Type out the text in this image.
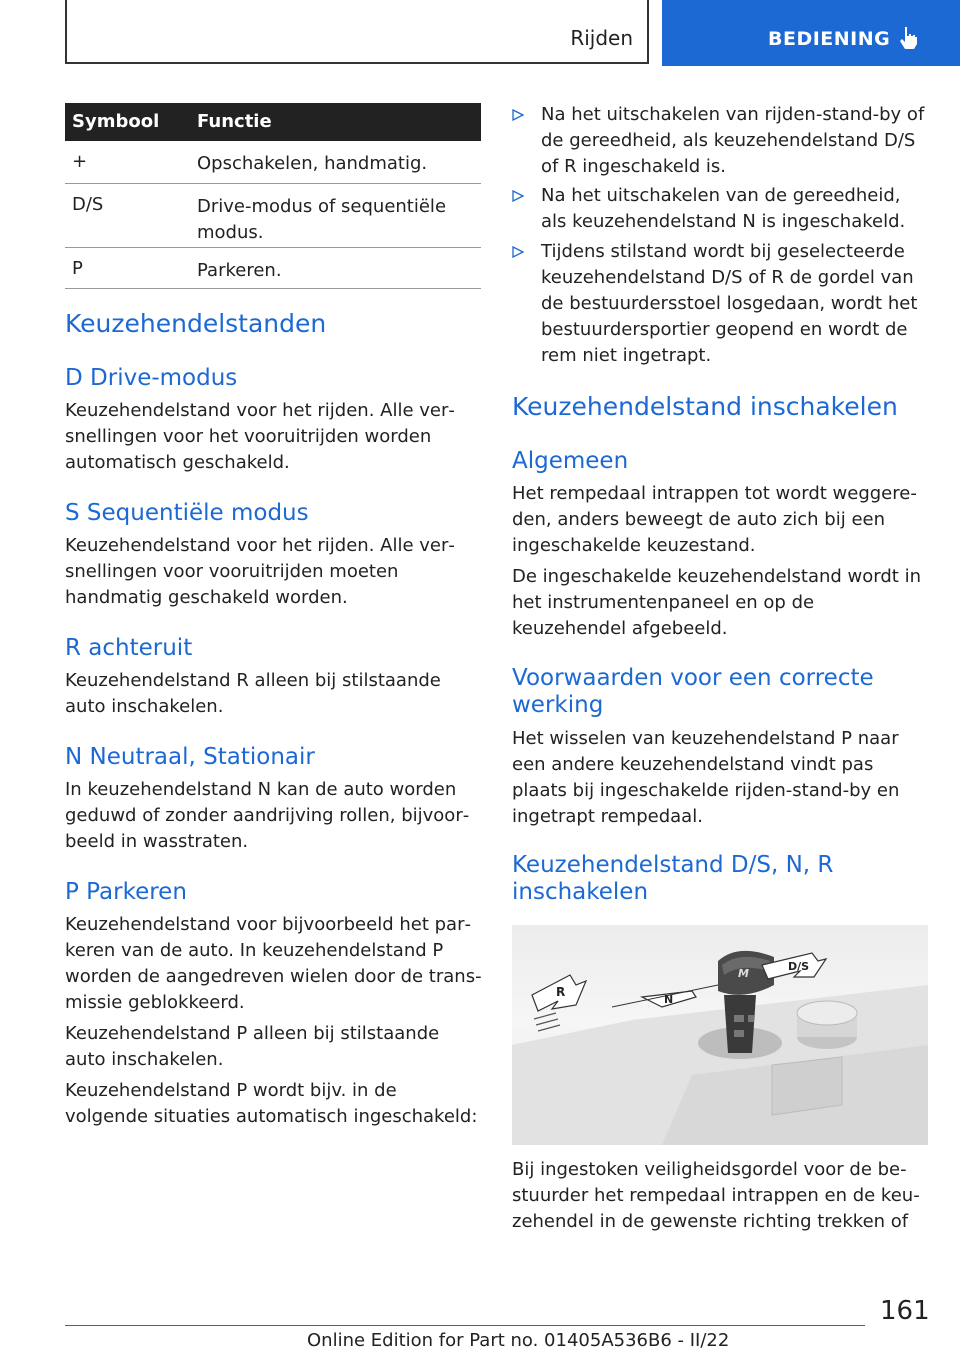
Rijden	BEDIENING
Symbool Functie
+	Opschakelen, handmatig.
D/S	Drive-modus of sequentiële modus.
P	Parkeren.
Keuzehendelstanden
D Drive-modus
Keuzehendelstand voor het rijden. Alle versnellingen voor het vooruitrijden worden automatisch geschakeld.
S Sequentiële modus
Keuzehendelstand voor het rijden. Alle versnellingen voor vooruitrijden moeten handmatig geschakeld worden.
R achteruit
Keuzehendelstand R alleen bij stilstaande auto inschakelen.
N Neutraal, Stationair
In keuzehendelstand N kan de auto worden geduwd of zonder aandrijving rollen, bijvoorbeeld in wasstraten.
P Parkeren
Keuzehendelstand voor bijvoorbeeld het parkeren van de auto. In keuzehendelstand P worden de aangedreven wielen door de transmissie geblokkeerd.
Keuzehendelstand P alleen bij stilstaande auto inschakelen.
Keuzehendelstand P wordt bijv. in de volgende situaties automatisch ingeschakeld:
Na het uitschakelen van rijden-stand-by of de gereedheid, als keuzehendelstand D/S of R ingeschakeld is.
Na het uitschakelen van de gereedheid, als keuzehendelstand N is ingeschakeld.
Tijdens stilstand wordt bij geselecteerde keuzehendelstand D/S of R de gordel van de bestuurdersstoel losgedaan, wordt het bestuurdersportier geopend en wordt de rem niet ingetrapt.
Keuzehendelstand inschakelen
Algemeen
Het rempedaal intrappen tot wordt weggereden, anders beweegt de auto zich bij een ingeschakelde keuzestand.
De ingeschakelde keuzehendelstand wordt in het instrumentenpaneel en op de keuzehendel afgebeeld.
Voorwaarden voor een correcte
werking
Het wisselen van keuzehendelstand P naar een andere keuzehendelstand vindt pas plaats bij ingeschakelde rijden-stand-by en ingetrapt rempedaal.
Keuzehendelstand D/S, N, R
inschakelen
R
N
D/S
M
Bij ingestoken veiligheidsgordel voor de bestuurder het rempedaal intrappen en de keuzehendel in de gewenste richting trekken of
161
Online Edition for Part no. 01405A536B6 - II/22
